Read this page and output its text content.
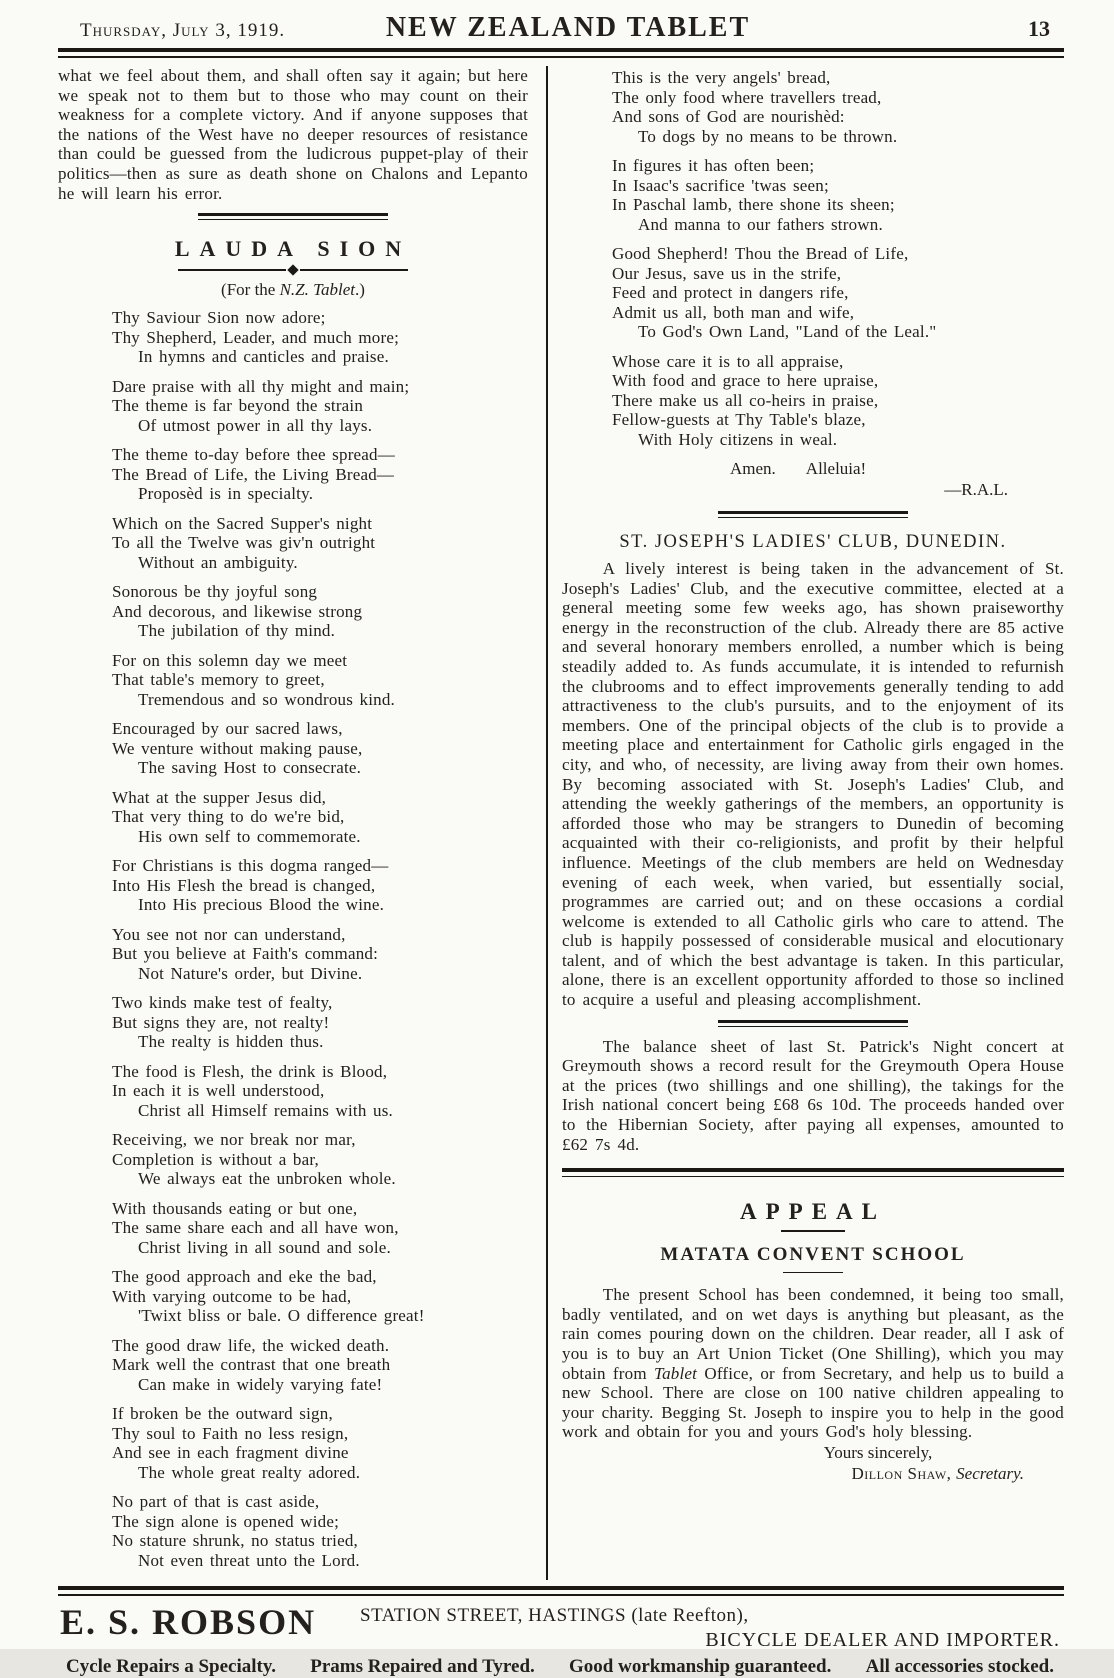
Thursday, July 3, 1919.	NEW ZEALAND TABLET	13

what we feel about them, and shall often say it again; but here we speak not to them but to those who may count on their weakness for a complete victory. And if anyone supposes that the nations of the West have no deeper resources of resistance than could be guessed from the ludicrous puppet-play of their politics—then as sure as death shone on Chalons and Lepanto he will learn his error.

LAUDA SION

(For the N.Z. Tablet.)

Thy Saviour Sion now adore;
Thy Shepherd, Leader, and much more;
In hymns and canticles and praise.
Dare praise with all thy might and main;
The theme is far beyond the strain
Of utmost power in all thy lays.
The theme to-day before thee spread—
The Bread of Life, the Living Bread—
Proposèd is in specialty.
Which on the Sacred Supper's night
To all the Twelve was giv'n outright
Without an ambiguity.
Sonorous be thy joyful song
And decorous, and likewise strong
The jubilation of thy mind.
For on this solemn day we meet
That table's memory to greet,
Tremendous and so wondrous kind.
Encouraged by our sacred laws,
We venture without making pause,
The saving Host to consecrate.
What at the supper Jesus did,
That very thing to do we're bid,
His own self to commemorate.
For Christians is this dogma ranged—
Into His Flesh the bread is changed,
Into His precious Blood the wine.
You see not nor can understand,
But you believe at Faith's command:
Not Nature's order, but Divine.
Two kinds make test of fealty,
But signs they are, not realty!
The realty is hidden thus.
The food is Flesh, the drink is Blood,
In each it is well understood,
Christ all Himself remains with us.
Receiving, we nor break nor mar,
Completion is without a bar,
We always eat the unbroken whole.
With thousands eating or but one,
The same share each and all have won,
Christ living in all sound and sole.
The good approach and eke the bad,
With varying outcome to be had,
'Twixt bliss or bale. O difference great!
The good draw life, the wicked death.
Mark well the contrast that one breath
Can make in widely varying fate!
If broken be the outward sign,
Thy soul to Faith no less resign,
And see in each fragment divine
The whole great realty adored.
No part of that is cast aside,
The sign alone is opened wide;
No stature shrunk, no status tried,
Not even threat unto the Lord.
This is the very angels' bread,
The only food where travellers tread,
And sons of God are nourishèd:
To dogs by no means to be thrown.
In figures it has often been;
In Isaac's sacrifice 'twas seen;
In Paschal lamb, there shone its sheen;
And manna to our fathers strown.
Good Shepherd! Thou the Bread of Life,
Our Jesus, save us in the strife,
Feed and protect in dangers rife,
Admit us all, both man and wife,
To God's Own Land, "Land of the Leal."
Whose care it is to all appraise,
With food and grace to here upraise,
There make us all co-heirs in praise,
Fellow-guests at Thy Table's blaze,
With Holy citizens in weal.
Amen. Alleluia!
—R.A.L.
ST. JOSEPH'S LADIES' CLUB, DUNEDIN.

A lively interest is being taken in the advancement of St. Joseph's Ladies' Club, and the executive committee, elected at a general meeting some few weeks ago, has shown praiseworthy energy in the reconstruction of the club. Already there are 85 active and several honorary members enrolled, a number which is being steadily added to. As funds accumulate, it is intended to refurnish the clubrooms and to effect improvements generally tending to add attractiveness to the club's pursuits, and to the enjoyment of its members. One of the principal objects of the club is to provide a meeting place and entertainment for Catholic girls engaged in the city, and who, of necessity, are living away from their own homes. By becoming associated with St. Joseph's Ladies' Club, and attending the weekly gatherings of the members, an opportunity is afforded those who may be strangers to Dunedin of becoming acquainted with their co-religionists, and profit by their helpful influence. Meetings of the club members are held on Wednesday evening of each week, when varied, but essentially social, programmes are carried out; and on these occasions a cordial welcome is extended to all Catholic girls who care to attend. The club is happily possessed of considerable musical and elocutionary talent, and of which the best advantage is taken. In this particular, alone, there is an excellent opportunity afforded to those so inclined to acquire a useful and pleasing accomplishment.

The balance sheet of last St. Patrick's Night concert at Greymouth shows a record result for the Greymouth Opera House at the prices (two shillings and one shilling), the takings for the Irish national concert being £68 6s 10d. The proceeds handed over to the Hibernian Society, after paying all expenses, amounted to £62 7s 4d.

APPEAL
MATATA CONVENT SCHOOL

The present School has been condemned, it being too small, badly ventilated, and on wet days is anything but pleasant, as the rain comes pouring down on the children. Dear reader, all I ask of you is to buy an Art Union Ticket (One Shilling), which you may obtain from Tablet Office, or from Secretary, and help us to build a new School. There are close on 100 native children appealing to your charity. Begging St. Joseph to inspire you to help in the good work and obtain for you and yours God's holy blessing.

Yours sincerely,
Dillon Shaw, Secretary.
E. S. ROBSON	STATION STREET, HASTINGS (late Reefton),
BICYCLE DEALER AND IMPORTER.
Cycle Repairs a Specialty. Prams Repaired and Tyred. Good workmanship guaranteed. All accessories stocked.
